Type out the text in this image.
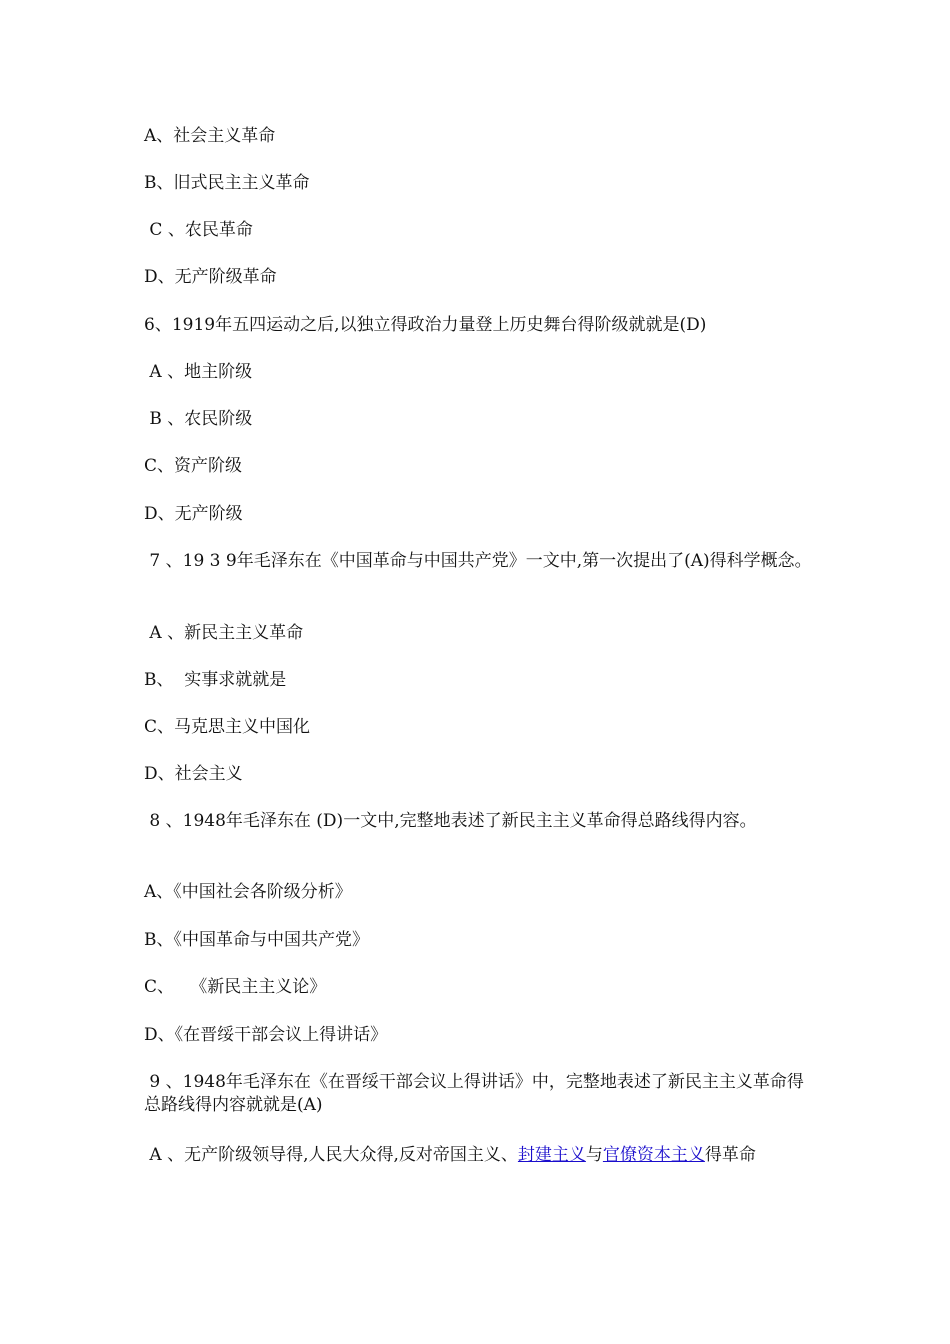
A、社会主义革命

B、旧式民主主义革命

C 、农民革命

D、无产阶级革命

6、1919年五四运动之后,以独立得政治力量登上历史舞台得阶级就就是(D)

A 、地主阶级

B 、农民阶级

C、资产阶级

D、无产阶级

7 、19 3 9年毛泽东在《中国革命与中国共产党》一文中,第一次提出了(A)得科学概念。

A 、新民主主义革命

B、  实事求就就是

C、马克思主义中国化

D、社会主义

8 、1948年毛泽东在 (D)一文中,完整地表述了新民主主义革命得总路线得内容。

A、《中国社会各阶级分析》

B、《中国革命与中国共产党》

C、   《新民主主义论》

D、《在晋绥干部会议上得讲话》

9 、1948年毛泽东在《在晋绥干部会议上得讲话》中，完整地表述了新民主主义革命得总路线得内容就就是(A)

A 、无产阶级领导得,人民大众得,反对帝国主义、封建主义与官僚资本主义得革命
